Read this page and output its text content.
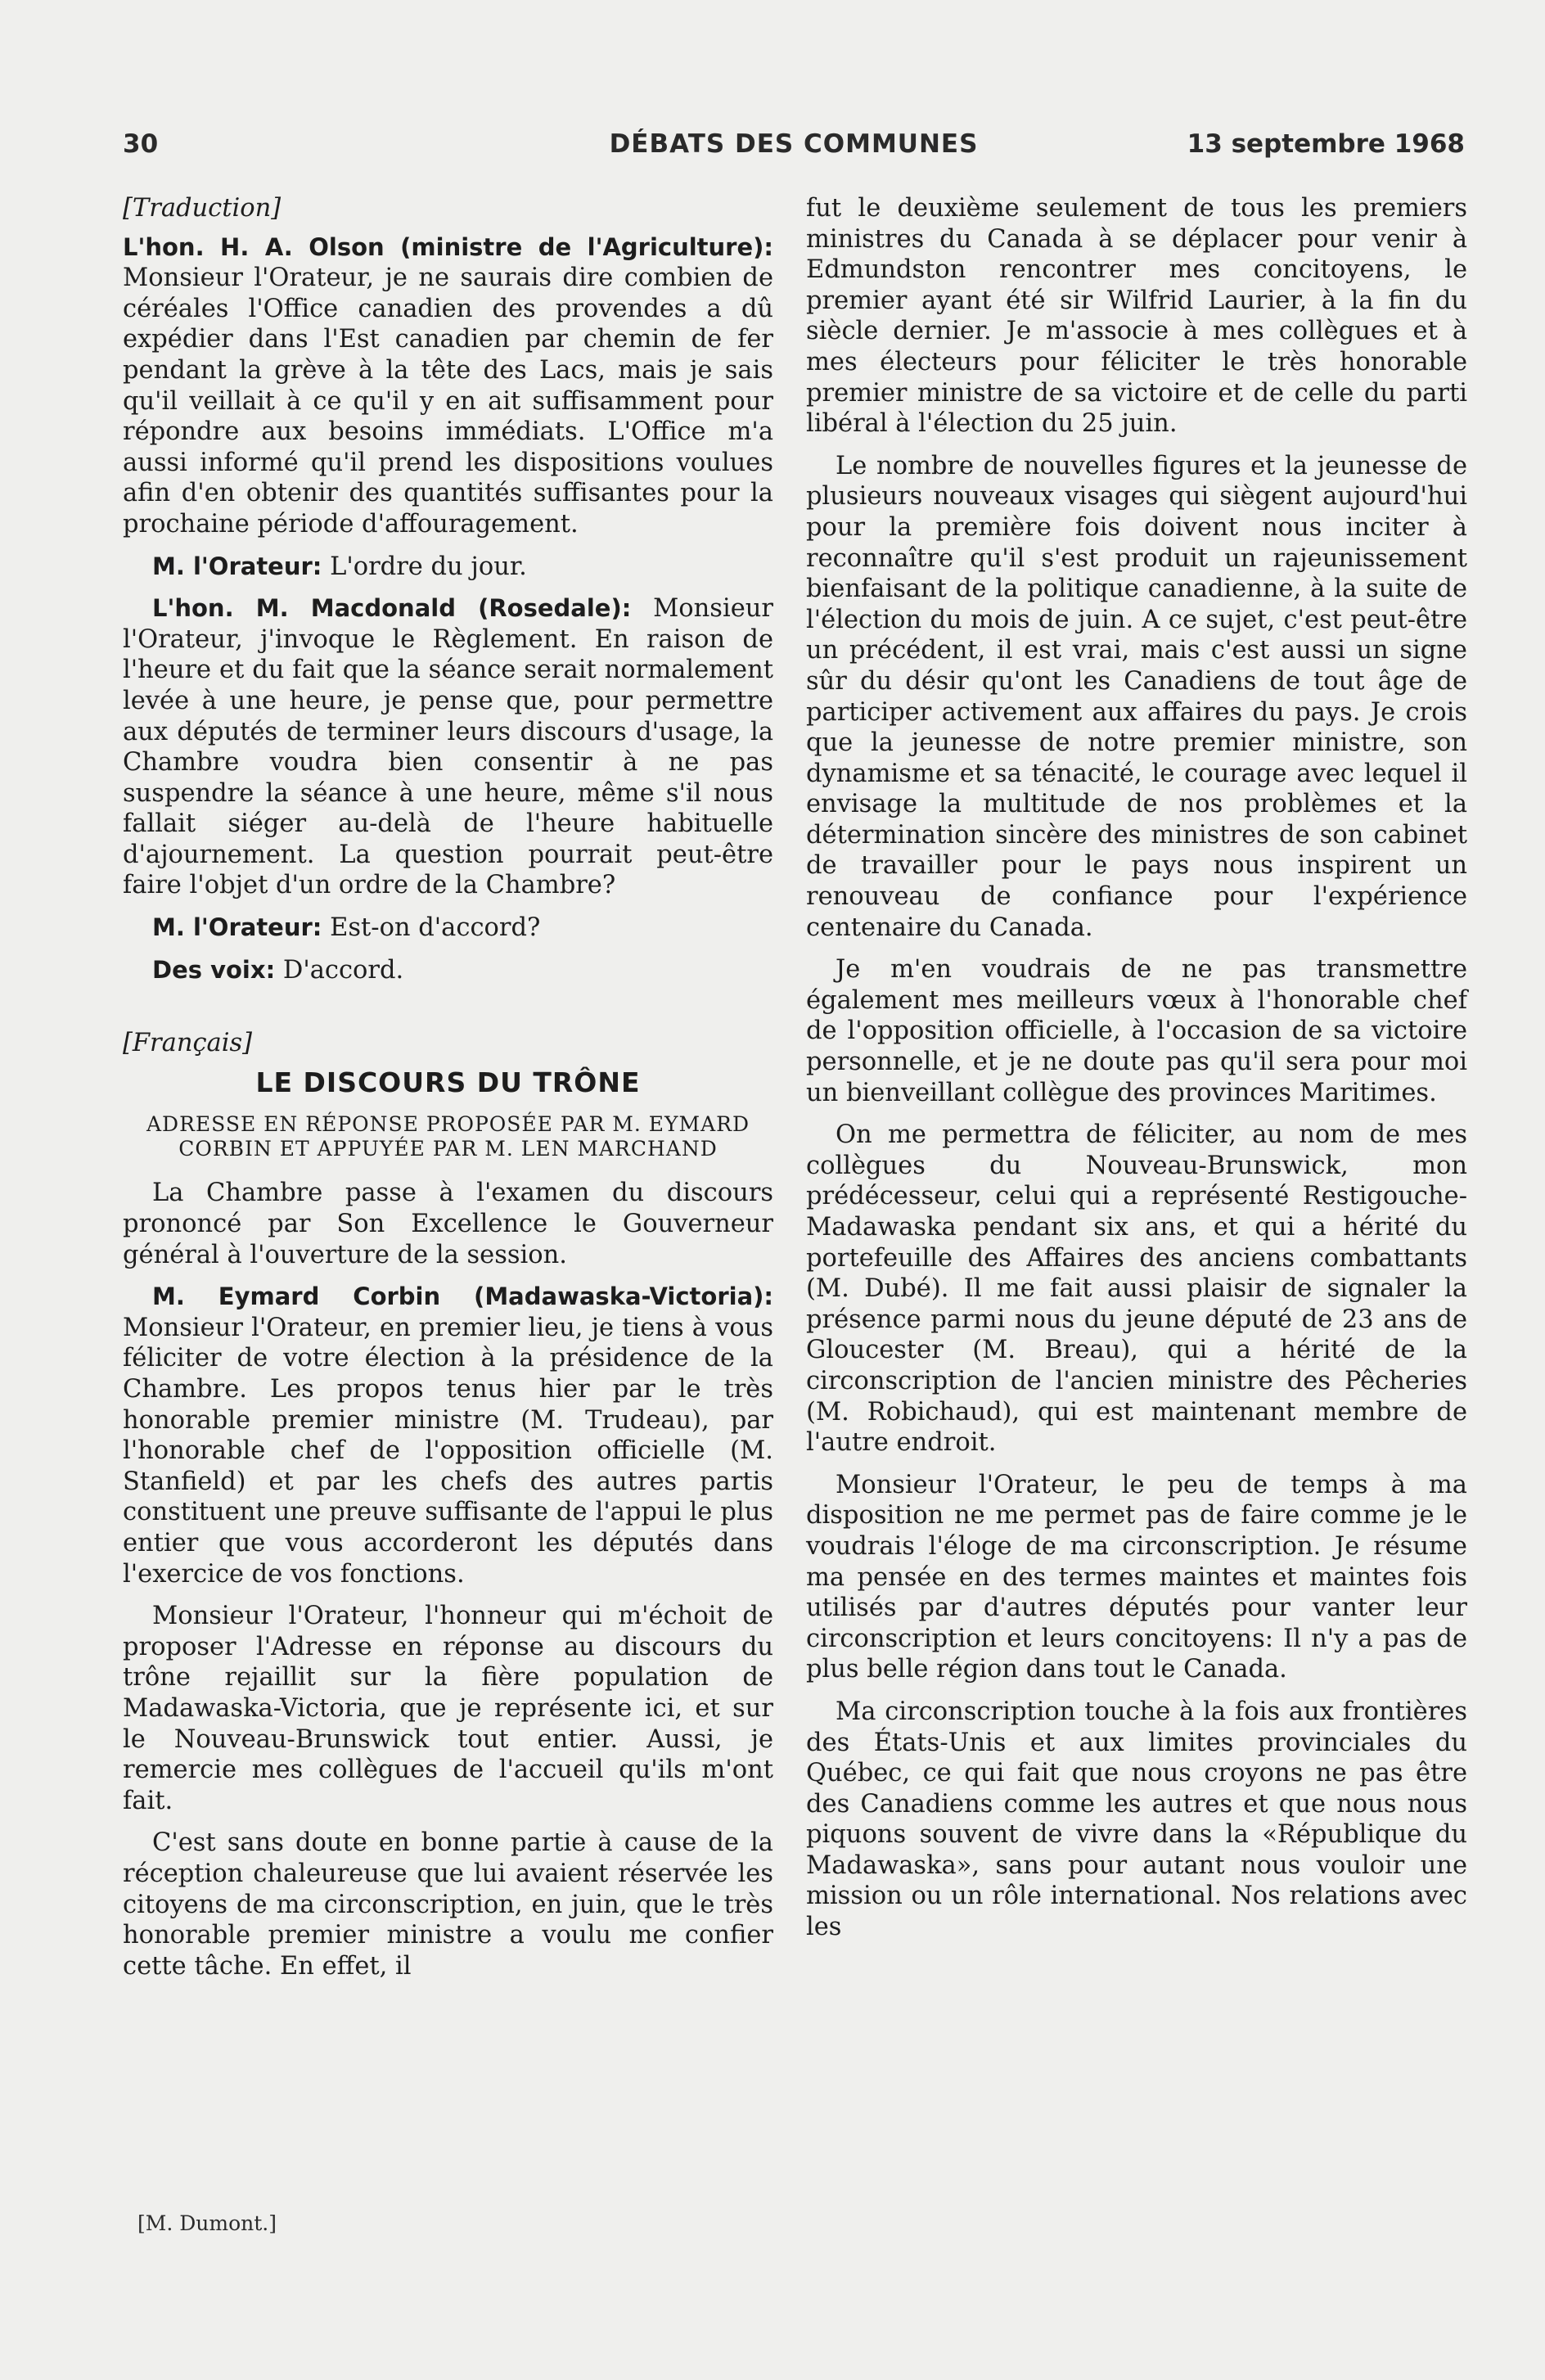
30	DÉBATS DES COMMUNES	13 septembre 1968
[Traduction]

L'hon. H. A. Olson (ministre de l'Agriculture): Monsieur l'Orateur, je ne saurais dire combien de céréales l'Office canadien des provendes a dû expédier dans l'Est canadien par chemin de fer pendant la grève à la tête des Lacs, mais je sais qu'il veillait à ce qu'il y en ait suffisamment pour répondre aux besoins immédiats. L'Office m'a aussi informé qu'il prend les dispositions voulues afin d'en obtenir des quantités suffisantes pour la prochaine période d'affouragement.

M. l'Orateur: L'ordre du jour.

L'hon. M. Macdonald (Rosedale): Monsieur l'Orateur, j'invoque le Règlement. En raison de l'heure et du fait que la séance serait normalement levée à une heure, je pense que, pour permettre aux députés de terminer leurs discours d'usage, la Chambre voudra bien consentir à ne pas suspendre la séance à une heure, même s'il nous fallait siéger au-delà de l'heure habituelle d'ajournement. La question pourrait peut-être faire l'objet d'un ordre de la Chambre?

M. l'Orateur: Est-on d'accord?

Des voix: D'accord.

[Français]
LE DISCOURS DU TRÔNE
ADRESSE EN RÉPONSE PROPOSÉE PAR M. EYMARD CORBIN ET APPUYÉE PAR M. LEN MARCHAND

La Chambre passe à l'examen du discours prononcé par Son Excellence le Gouverneur général à l'ouverture de la session.

M. Eymard Corbin (Madawaska-Victoria): Monsieur l'Orateur, en premier lieu, je tiens à vous féliciter de votre élection à la présidence de la Chambre. Les propos tenus hier par le très honorable premier ministre (M. Trudeau), par l'honorable chef de l'opposition officielle (M. Stanfield) et par les chefs des autres partis constituent une preuve suffisante de l'appui le plus entier que vous accorderont les députés dans l'exercice de vos fonctions.

Monsieur l'Orateur, l'honneur qui m'échoit de proposer l'Adresse en réponse au discours du trône rejaillit sur la fière population de Madawaska-Victoria, que je représente ici, et sur le Nouveau-Brunswick tout entier. Aussi, je remercie mes collègues de l'accueil qu'ils m'ont fait.

C'est sans doute en bonne partie à cause de la réception chaleureuse que lui avaient réservée les citoyens de ma circonscription, en juin, que le très honorable premier ministre a voulu me confier cette tâche. En effet, il

fut le deuxième seulement de tous les premiers ministres du Canada à se déplacer pour venir à Edmundston rencontrer mes concitoyens, le premier ayant été sir Wilfrid Laurier, à la fin du siècle dernier. Je m'associe à mes collègues et à mes électeurs pour féliciter le très honorable premier ministre de sa victoire et de celle du parti libéral à l'élection du 25 juin.

Le nombre de nouvelles figures et la jeunesse de plusieurs nouveaux visages qui siègent aujourd'hui pour la première fois doivent nous inciter à reconnaître qu'il s'est produit un rajeunissement bienfaisant de la politique canadienne, à la suite de l'élection du mois de juin. A ce sujet, c'est peut-être un précédent, il est vrai, mais c'est aussi un signe sûr du désir qu'ont les Canadiens de tout âge de participer activement aux affaires du pays. Je crois que la jeunesse de notre premier ministre, son dynamisme et sa ténacité, le courage avec lequel il envisage la multitude de nos problèmes et la détermination sincère des ministres de son cabinet de travailler pour le pays nous inspirent un renouveau de confiance pour l'expérience centenaire du Canada.

Je m'en voudrais de ne pas transmettre également mes meilleurs vœux à l'honorable chef de l'opposition officielle, à l'occasion de sa victoire personnelle, et je ne doute pas qu'il sera pour moi un bienveillant collègue des provinces Maritimes.

On me permettra de féliciter, au nom de mes collègues du Nouveau-Brunswick, mon prédécesseur, celui qui a représenté Restigouche-Madawaska pendant six ans, et qui a hérité du portefeuille des Affaires des anciens combattants (M. Dubé). Il me fait aussi plaisir de signaler la présence parmi nous du jeune député de 23 ans de Gloucester (M. Breau), qui a hérité de la circonscription de l'ancien ministre des Pêcheries (M. Robichaud), qui est maintenant membre de l'autre endroit.

Monsieur l'Orateur, le peu de temps à ma disposition ne me permet pas de faire comme je le voudrais l'éloge de ma circonscription. Je résume ma pensée en des termes maintes et maintes fois utilisés par d'autres députés pour vanter leur circonscription et leurs concitoyens: Il n'y a pas de plus belle région dans tout le Canada.

Ma circonscription touche à la fois aux frontières des États-Unis et aux limites provinciales du Québec, ce qui fait que nous croyons ne pas être des Canadiens comme les autres et que nous nous piquons souvent de vivre dans la «République du Madawaska», sans pour autant nous vouloir une mission ou un rôle international. Nos relations avec les

[M. Dumont.]
